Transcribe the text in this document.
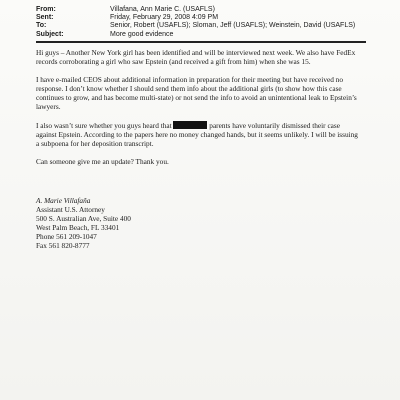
From:	Villafana, Ann Marie C. (USAFLS)
Sent:	Friday, February 29, 2008 4:09 PM
To:	Senior, Robert (USAFLS); Sloman, Jeff (USAFLS); Weinstein, David (USAFLS)
Subject:	More good evidence

Hi guys – Another New York girl has been identified and will be interviewed next week. We also have FedEx records corroborating a girl who saw Epstein (and received a gift from him) when she was 15.

I have e-mailed CEOS about additional information in preparation for their meeting but have received no response. I don’t know whether I should send them info about the additional girls (to show how this case continues to grow, and has become multi-state) or not send the info to avoid an unintentional leak to Epstein’s lawyers.

I also wasn’t sure whether you guys heard that	parents have voluntarily dismissed their case against Epstein. According to the papers here no money changed hands, but it seems unlikely. I will be issuing a subpoena for her deposition transcript.

Can someone give me an update? Thank you.

A. Marie Villafaña
Assistant U.S. Attorney
500 S. Australian Ave, Suite 400
West Palm Beach, FL 33401
Phone 561 209-1047
Fax 561 820-8777
